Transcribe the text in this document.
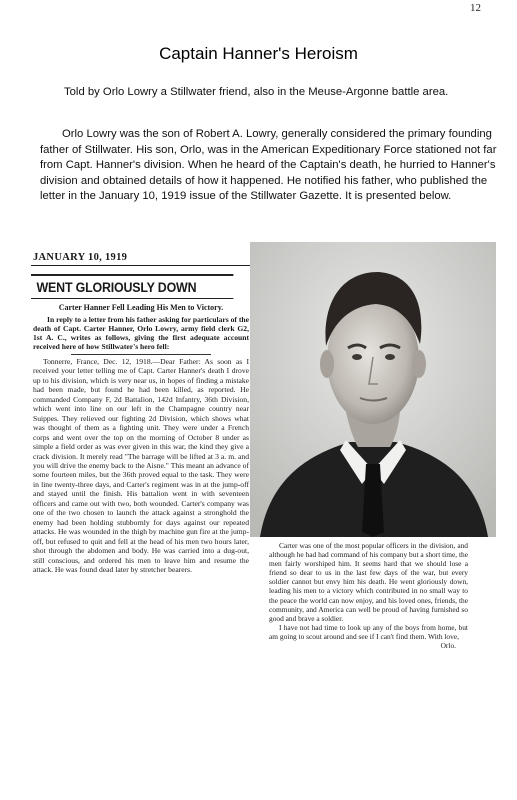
12
Captain Hanner's Heroism

Told by Orlo Lowry a Stillwater friend, also in the Meuse-Argonne battle area.

Orlo Lowry was the son of Robert A. Lowry, generally considered the primary founding father of Stillwater. His son, Orlo, was in the American Expeditionary Force stationed not far from Capt. Hanner's division. When he heard of the Captain's death, he hurried to Hanner's division and obtained details of how it happened. He notified his father, who published the letter in the January 10, 1919 issue of the Stillwater Gazette. It is presented below.

JANUARY 10, 1919
WENT GLORIOUSLY DOWN
Carter Hanner Fell Leading His Men to Victory.
In reply to a letter from his father asking for particulars of the death of Capt. Carter Hanner, Orlo Lowry, army field clerk G2, 1st A. C., writes as follows, giving the first adequate account received here of how Stillwater's hero fell:
Tonnerre, France, Dec. 12, 1918.—Dear Father: As soon as I received your letter telling me of Capt. Carter Hanner's death I drove up to his division, which is very near us, in hopes of finding a mistake had been made, but found he had been killed, as reported. He commanded Company F, 2d Battalion, 142d Infantry, 36th Division, which went into line on our left in the Champagne country near Suippes. They relieved our fighting 2d Division, which shows what was thought of them as a fighting unit. They were under a French corps and went over the top on the morning of October 8 under as simple a field order as was ever given in this war, the kind they give a crack division. It merely read "The barrage will be lifted at 3 a. m. and you will drive the enemy back to the Aisne." This meant an advance of some fourteen miles, but the 36th proved equal to the task. They were in line twenty-three days, and Carter's regiment was in at the jump-off and stayed until the finish. His battalion went in with seventeen officers and came out with two, both wounded. Carter's company was one of the two chosen to launch the attack against a stronghold the enemy had been holding stubbornly for days against our repeated attacks. He was wounded in the thigh by machine gun fire at the jump-off, but refused to quit and fell at the head of his men two hours later, shot through the abdomen and body. He was carried into a dug-out, still conscious, and ordered his men to leave him and resume the attack. He was found dead later by stretcher bearers.

Carter was one of the most popular officers in the division, and although he had had command of his company but a short time, the men fairly worshiped him. It seems hard that we should lose a friend so dear to us in the last few days of the war, but every soldier cannot but envy him his death. He went gloriously down, leading his men to a victory which contributed in no small way to the peace the world can now enjoy, and his loved ones, friends, the community, and America can well be proud of having furnished so good and brave a soldier.

I have not had time to look up any of the boys from home, but am going to scout around and see if I can't find them. With love,

Orlo.
